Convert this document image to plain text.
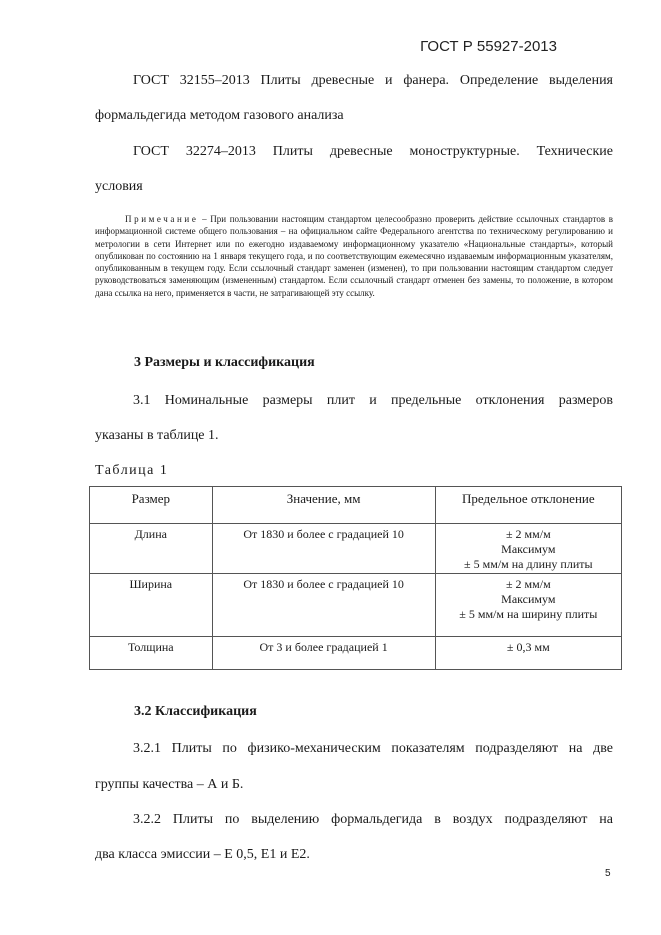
ГОСТ Р 55927-2013
ГОСТ 32155–2013 Плиты древесные и фанера. Определение выделения
формальдегида методом газового анализа
ГОСТ 32274–2013 Плиты древесные моноструктурные. Технические
условия
Примечание – При пользовании настоящим стандартом целесообразно проверить действие ссылочных стандартов в информационной системе общего пользования – на официальном сайте Федерального агентства по техническому регулированию и метрологии в сети Интернет или по ежегодно издаваемому информационному указателю «Национальные стандарты», который опубликован по состоянию на 1 января текущего года, и по соответствующим ежемесячно издаваемым информационным указателям, опубликованным в текущем году. Если ссылочный стандарт заменен (изменен), то при пользовании настоящим стандартом следует руководствоваться заменяющим (измененным) стандартом. Если ссылочный стандарт отменен без замены, то положение, в котором дана ссылка на него, применяется в части, не затрагивающей эту ссылку.
3 Размеры и классификация
3.1 Номинальные размеры плит и предельные отклонения размеров
указаны в таблице 1.
Таблица 1
Размер	Значение, мм	Предельное отклонение
Длина	От 1830 и более с градацией 10	± 2 мм/м
Максимум
± 5 мм/м на длину плиты

Ширина	От 1830 и более с градацией 10	± 2 мм/м
Максимум
± 5 мм/м на ширину плиты

Толщина	От 3 и более градацией 1	± 0,3 мм
3.2 Классификация
3.2.1 Плиты по физико-механическим показателям подразделяют на две
группы качества – А и Б.
3.2.2 Плиты по выделению формальдегида в воздух подразделяют на
два класса эмиссии – Е 0,5, Е1 и Е2.
5
